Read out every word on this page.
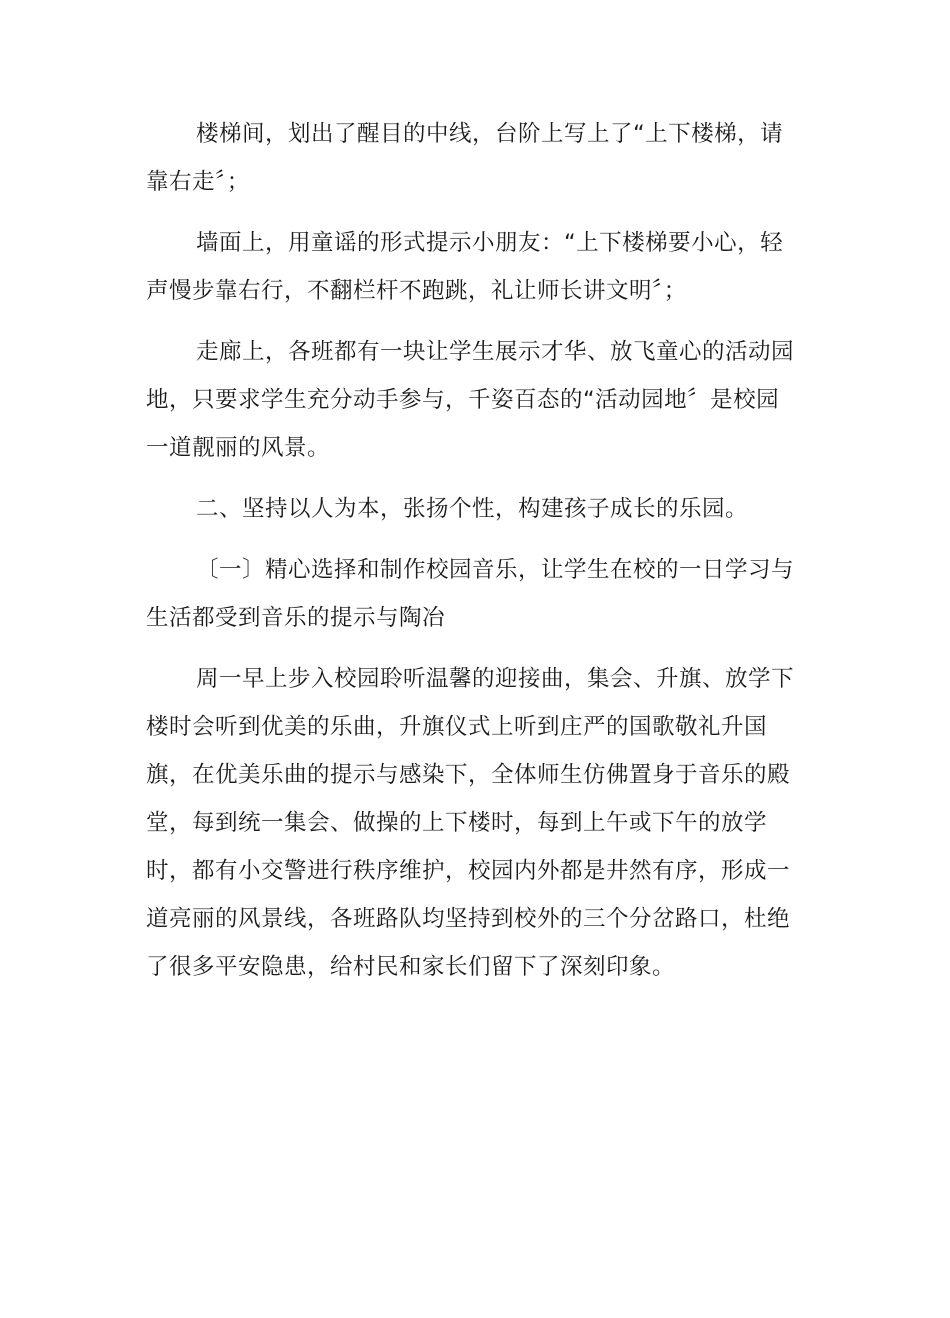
楼梯间，划出了醒目的中线，台阶上写上了“上下楼梯，请靠右走〞；

墙面上，用童谣的形式提示小朋友：“上下楼梯要小心，轻声慢步靠右行，不翻栏杆不跑跳，礼让师长讲文明〞；

走廊上，各班都有一块让学生展示才华、放飞童心的活动园地，只要求学生充分动手参与，千姿百态的“活动园地〞是校园一道靓丽的风景。

二、坚持以人为本，张扬个性，构建孩子成长的乐园。

〔一〕精心选择和制作校园音乐，让学生在校的一日学习与生活都受到音乐的提示与陶冶

周一早上步入校园聆听温馨的迎接曲，集会、升旗、放学下楼时会听到优美的乐曲，升旗仪式上听到庄严的国歌敬礼升国旗，在优美乐曲的提示与感染下，全体师生仿佛置身于音乐的殿堂，每到统一集会、做操的上下楼时，每到上午或下午的放学时，都有小交警进行秩序维护，校园内外都是井然有序，形成一道亮丽的风景线，各班路队均坚持到校外的三个分岔路口，杜绝了很多平安隐患，给村民和家长们留下了深刻印象。
